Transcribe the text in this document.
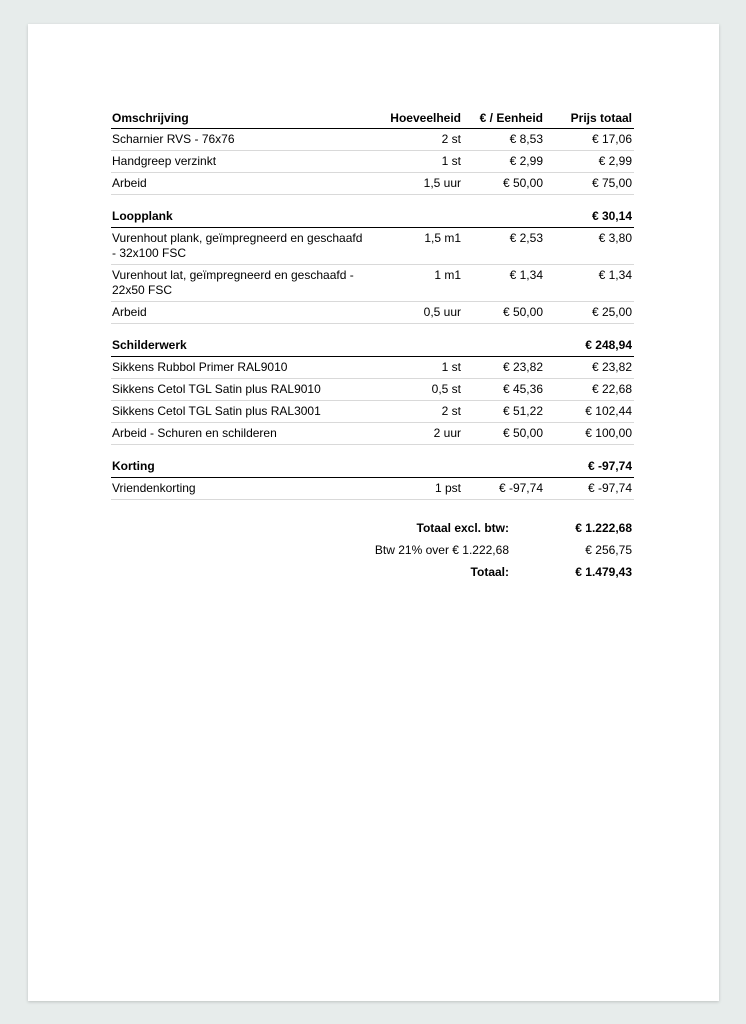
Omschrijving	Hoeveelheid	€ / Eenheid	Prijs totaal
Scharnier RVS - 76x76	2 st	€ 8,53	€ 17,06
Handgreep verzinkt	1 st	€ 2,99	€ 2,99
Arbeid	1,5 uur	€ 50,00	€ 75,00
Loopplank			€ 30,14
Vurenhout plank, geïmpregneerd en geschaafd - 32x100 FSC	1,5 m1	€ 2,53	€ 3,80
Vurenhout lat, geïmpregneerd en geschaafd - 22x50 FSC	1 m1	€ 1,34	€ 1,34
Arbeid	0,5 uur	€ 50,00	€ 25,00
Schilderwerk			€ 248,94
Sikkens Rubbol Primer RAL9010	1 st	€ 23,82	€ 23,82
Sikkens Cetol TGL Satin plus RAL9010	0,5 st	€ 45,36	€ 22,68
Sikkens Cetol TGL Satin plus RAL3001	2 st	€ 51,22	€ 102,44
Arbeid - Schuren en schilderen	2 uur	€ 50,00	€ 100,00
Korting			€ -97,74
Vriendenkorting	1 pst	€ -97,74	€ -97,74
Totaal excl. btw:	€ 1.222,68
Btw 21% over € 1.222,68	€ 256,75
Totaal:	€ 1.479,43
